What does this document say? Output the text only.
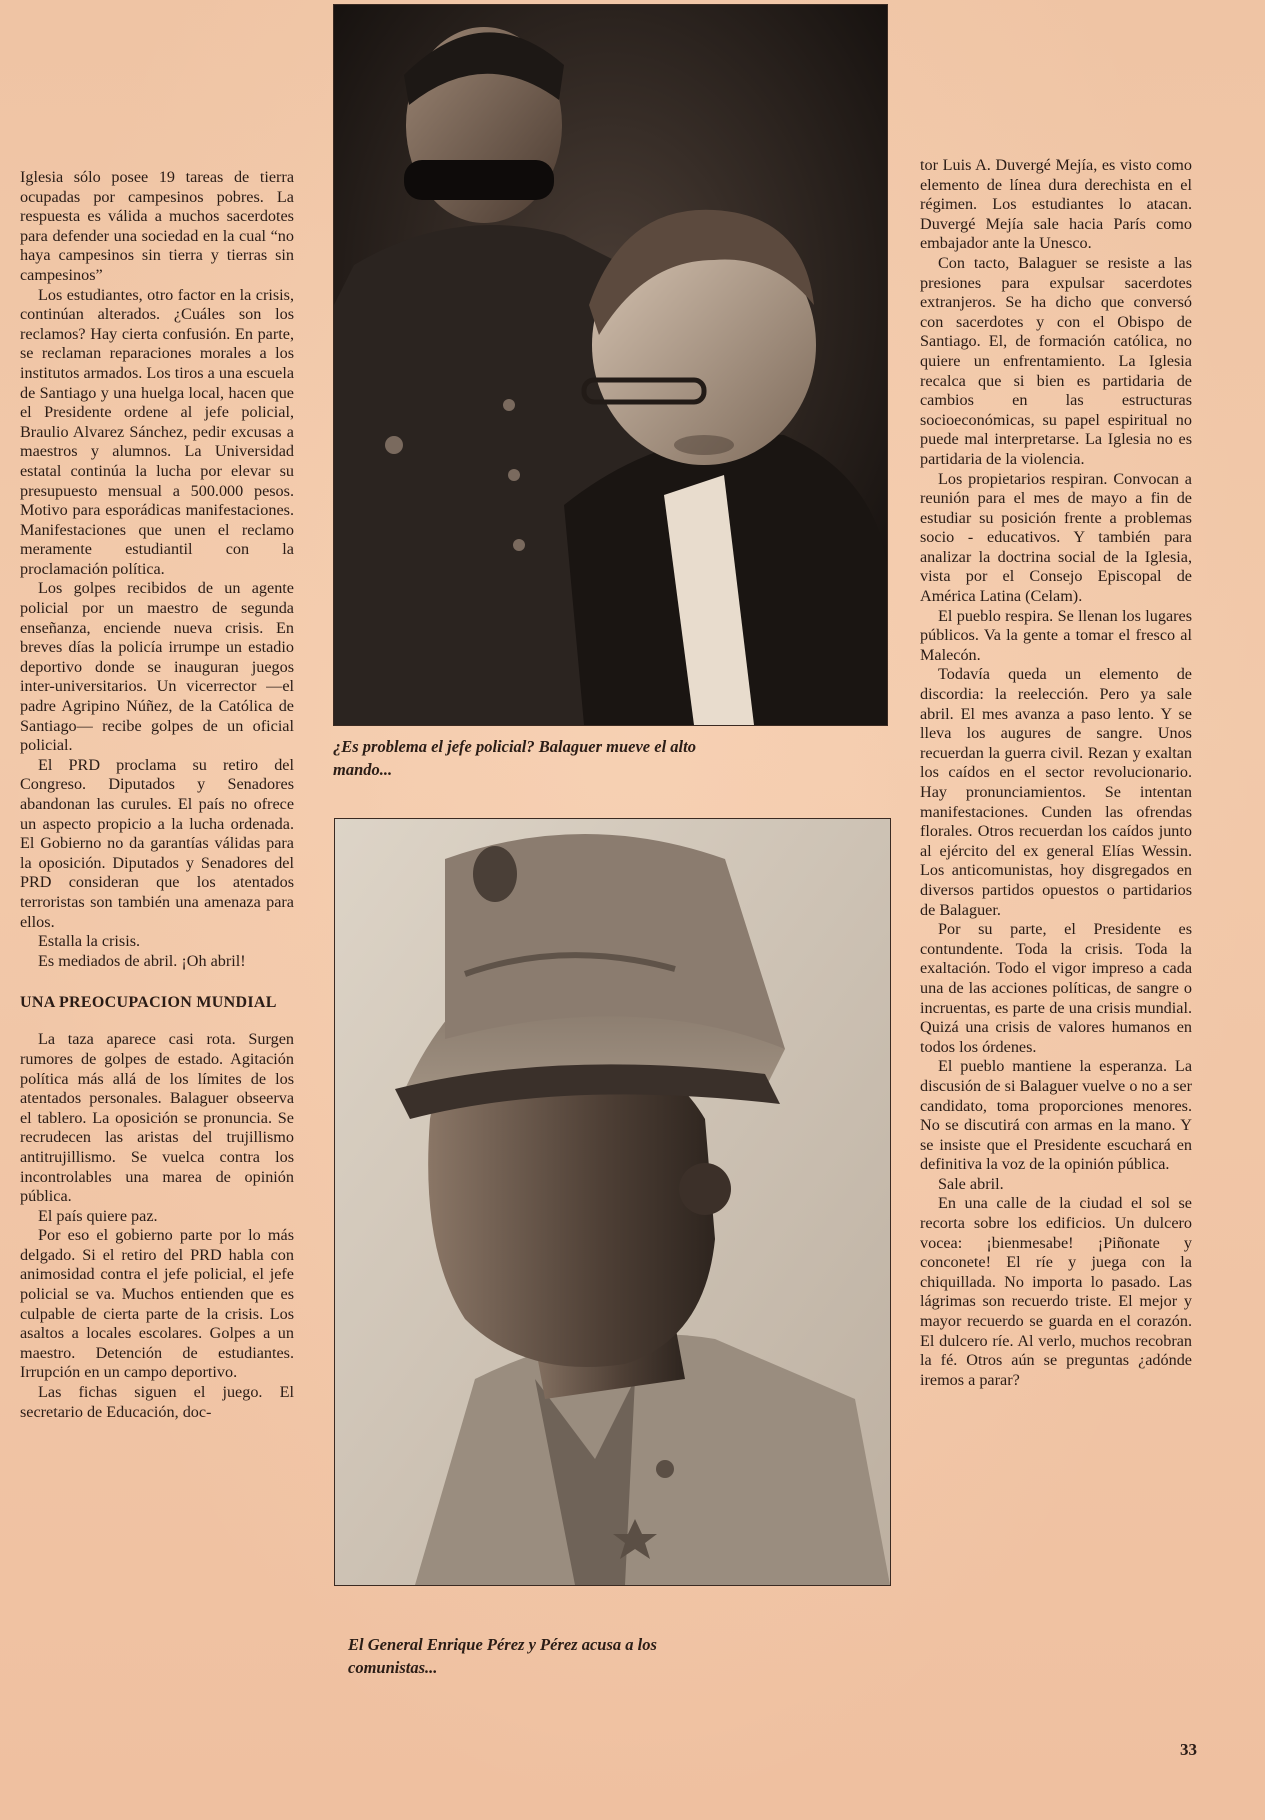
Iglesia sólo posee 19 tareas de tierra ocupadas por campesinos pobres. La respuesta es válida a muchos sacerdotes para defender una sociedad en la cual “no haya campesinos sin tierra y tierras sin campesinos”

Los estudiantes, otro factor en la crisis, continúan alterados. ¿Cuáles son los reclamos? Hay cierta confusión. En parte, se reclaman reparaciones morales a los institutos armados. Los tiros a una escuela de Santiago y una huelga local, hacen que el Presidente ordene al jefe policial, Braulio Alvarez Sánchez, pedir excusas a maestros y alumnos. La Universidad estatal continúa la lucha por elevar su presupuesto mensual a 500.000 pesos. Motivo para esporádicas manifestaciones. Manifestaciones que unen el reclamo meramente estudiantil con la proclamación política.

Los golpes recibidos de un agente policial por un maestro de segunda enseñanza, enciende nueva crisis. En breves días la policía irrumpe un estadio deportivo donde se inauguran juegos inter-universitarios. Un vicerrector —el padre Agripino Núñez, de la Católica de Santiago— recibe golpes de un oficial policial.

El PRD proclama su retiro del Congreso. Diputados y Senadores abandonan las curules. El país no ofrece un aspecto propicio a la lucha ordenada. El Gobierno no da garantías válidas para la oposición. Diputados y Senadores del PRD consideran que los atentados terroristas son también una amenaza para ellos.

Estalla la crisis.

Es mediados de abril. ¡Oh abril!

UNA PREOCUPACION MUNDIAL

La taza aparece casi rota. Surgen rumores de golpes de estado. Agitación política más allá de los límites de los atentados personales. Balaguer obseerva el tablero. La oposición se pronuncia. Se recrudecen las aristas del trujillismo antitrujillismo. Se vuelca contra los incontrolables una marea de opinión pública.

El país quiere paz.

Por eso el gobierno parte por lo más delgado. Si el retiro del PRD habla con animosidad contra el jefe policial, el jefe policial se va. Muchos entienden que es culpable de cierta parte de la crisis. Los asaltos a locales escolares. Golpes a un maestro. Detención de estudiantes. Irrupción en un campo deportivo.

Las fichas siguen el juego. El secretario de Educación, doc-

¿Es problema el jefe policial? Balaguer mueve el alto mando...
El General Enrique Pérez y Pérez acusa a los comunistas...

tor Luis A. Duvergé Mejía, es visto como elemento de línea dura derechista en el régimen. Los estudiantes lo atacan. Duvergé Mejía sale hacia París como embajador ante la Unesco.

Con tacto, Balaguer se resiste a las presiones para expulsar sacerdotes extranjeros. Se ha dicho que conversó con sacerdotes y con el Obispo de Santiago. El, de formación católica, no quiere un enfrentamiento. La Iglesia recalca que si bien es partidaria de cambios en las estructuras socioeconómicas, su papel espiritual no puede mal interpretarse. La Iglesia no es partidaria de la violencia.

Los propietarios respiran. Convocan a reunión para el mes de mayo a fin de estudiar su posición frente a problemas socio - educativos. Y también para analizar la doctrina social de la Iglesia, vista por el Consejo Episcopal de América Latina (Celam).

El pueblo respira. Se llenan los lugares públicos. Va la gente a tomar el fresco al Malecón.

Todavía queda un elemento de discordia: la reelección. Pero ya sale abril. El mes avanza a paso lento. Y se lleva los augures de sangre. Unos recuerdan la guerra civil. Rezan y exaltan los caídos en el sector revolucionario. Hay pronunciamientos. Se intentan manifestaciones. Cunden las ofrendas florales. Otros recuerdan los caídos junto al ejército del ex general Elías Wessin. Los anticomunistas, hoy disgregados en diversos partidos opuestos o partidarios de Balaguer.

Por su parte, el Presidente es contundente. Toda la crisis. Toda la exaltación. Todo el vigor impreso a cada una de las acciones políticas, de sangre o incruentas, es parte de una crisis mundial. Quizá una crisis de valores humanos en todos los órdenes.

El pueblo mantiene la esperanza. La discusión de si Balaguer vuelve o no a ser candidato, toma proporciones menores. No se discutirá con armas en la mano. Y se insiste que el Presidente escuchará en definitiva la voz de la opinión pública.

Sale abril.

En una calle de la ciudad el sol se recorta sobre los edificios. Un dulcero vocea: ¡bienmesabe! ¡Piñonate y conconete! El ríe y juega con la chiquillada. No importa lo pasado. Las lágrimas son recuerdo triste. El mejor y mayor recuerdo se guarda en el corazón. El dulcero ríe. Al verlo, muchos recobran la fé. Otros aún se preguntas ¿adónde iremos a parar?

33
